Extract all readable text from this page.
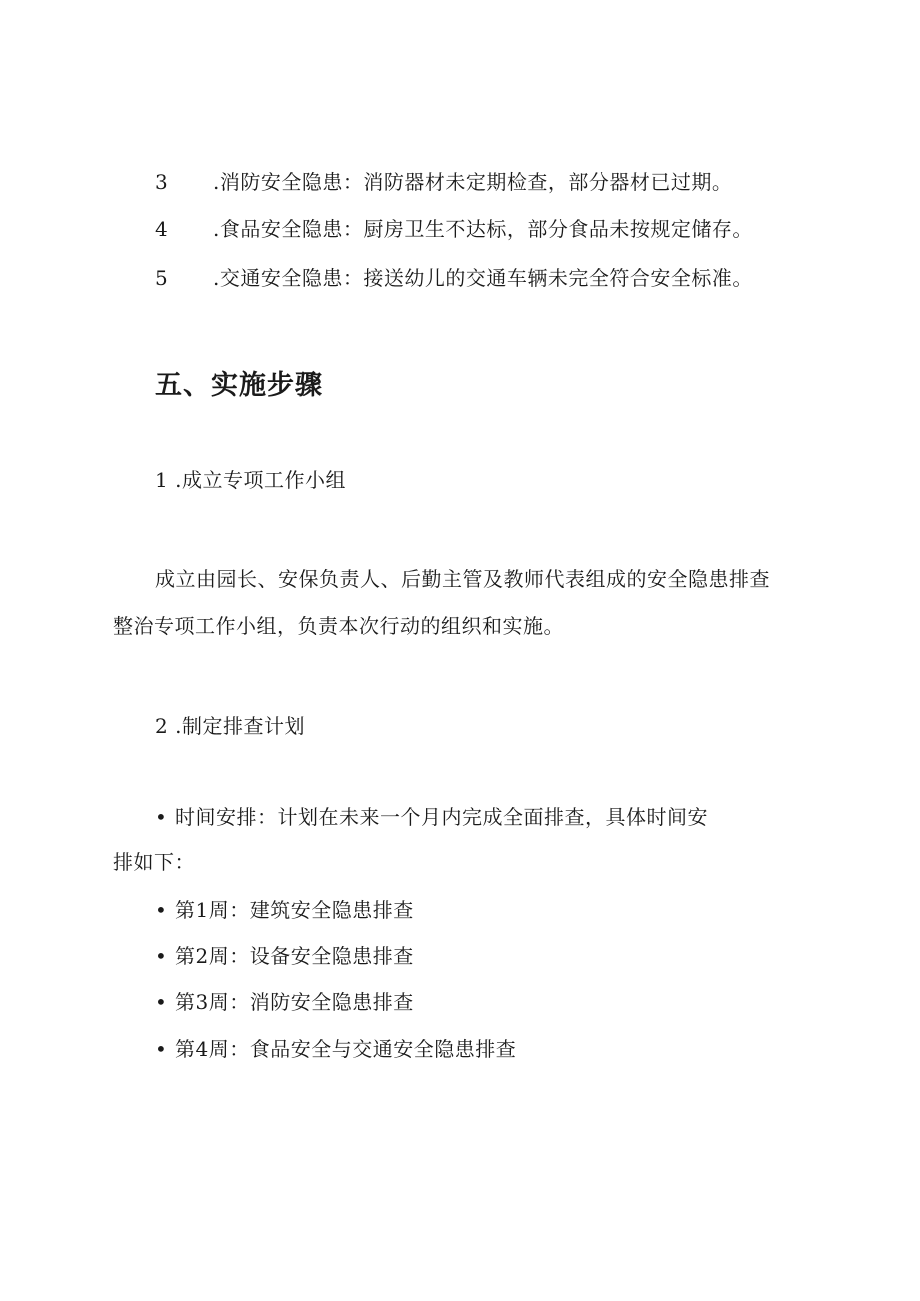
3 .消防安全隐患：消防器材未定期检查，部分器材已过期。
4 .食品安全隐患：厨房卫生不达标，部分食品未按规定储存。
5 .交通安全隐患：接送幼儿的交通车辆未完全符合安全标准。
五、实施步骤
1 .成立专项工作小组
成立由园长、安保负责人、后勤主管及教师代表组成的安全隐患排查
整治专项工作小组，负责本次行动的组织和实施。
2 .制定排查计划
• 时间安排：计划在未来一个月内完成全面排查，具体时间安
排如下：
• 第1周：建筑安全隐患排查
• 第2周：设备安全隐患排查
• 第3周：消防安全隐患排查
• 第4周：食品安全与交通安全隐患排查
